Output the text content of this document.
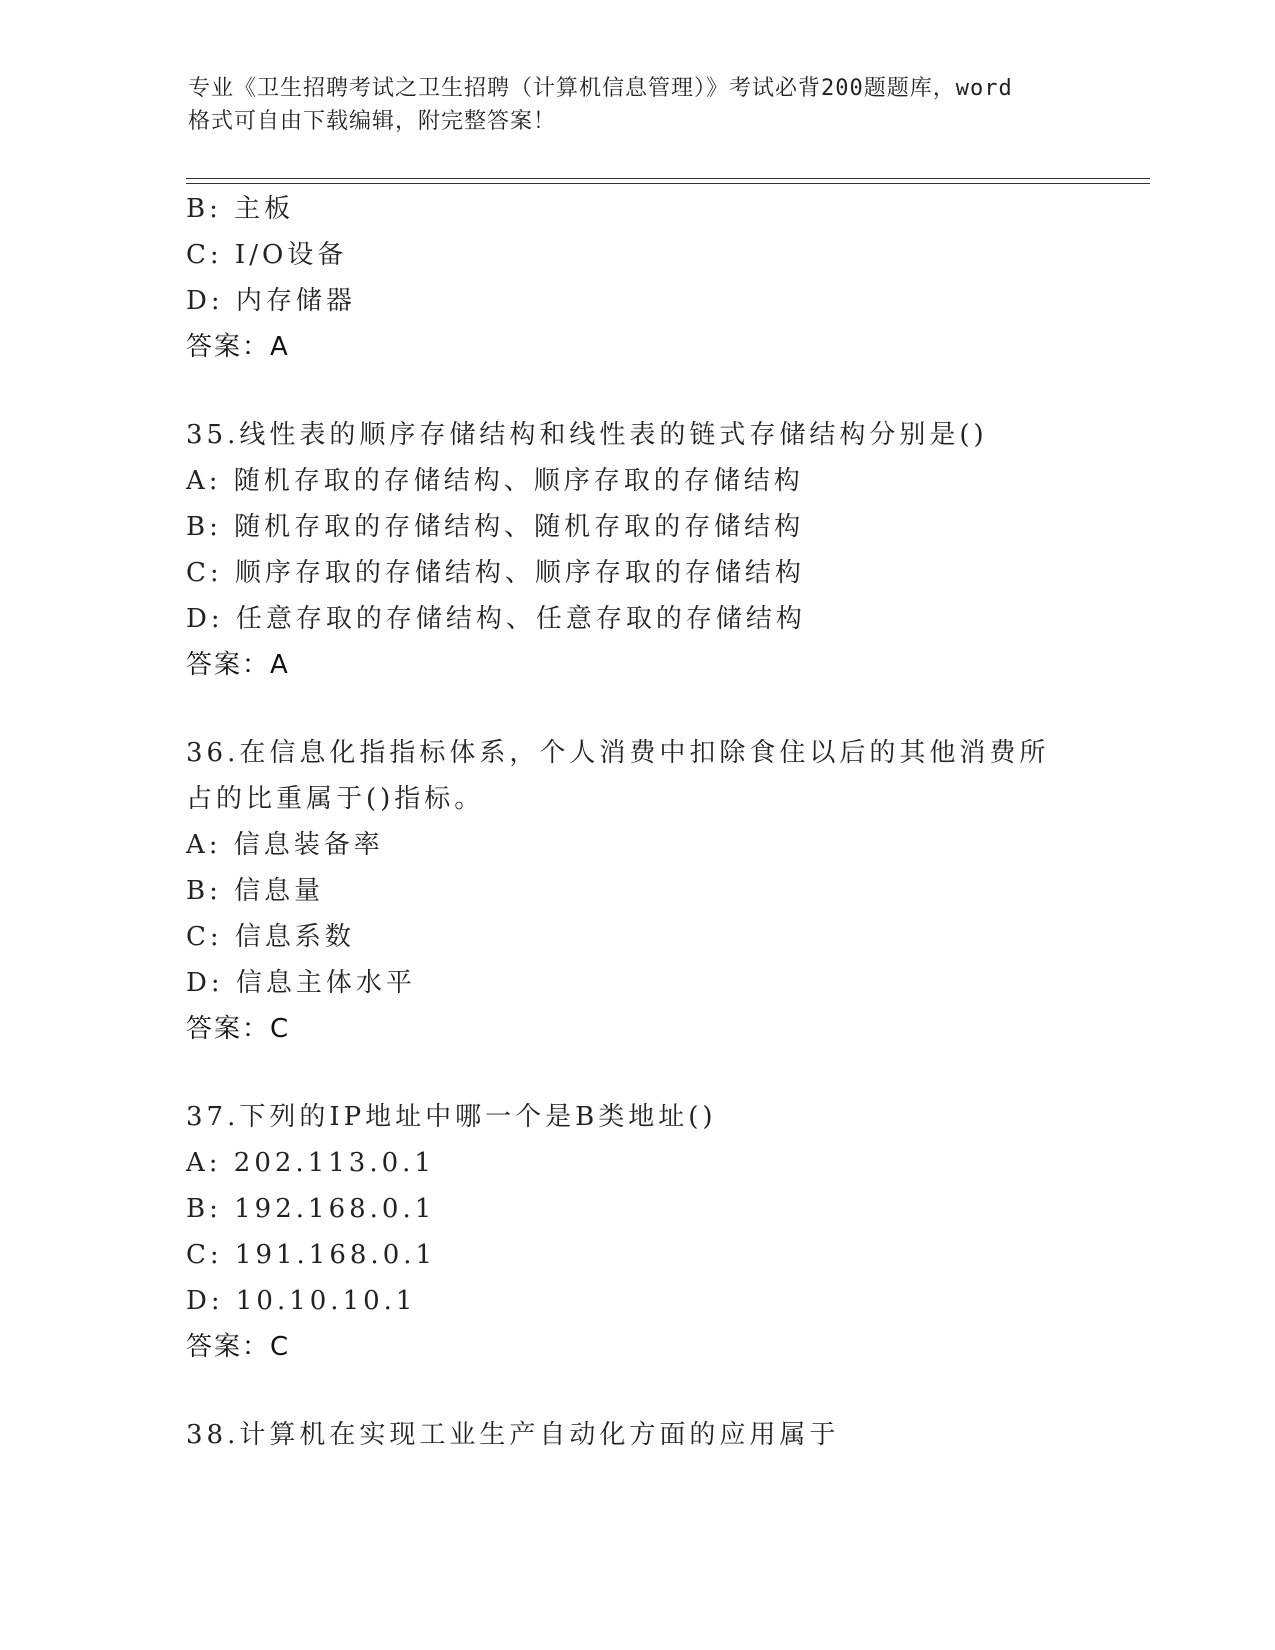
专业《卫生招聘考试之卫生招聘（计算机信息管理）》考试必背200题题库，word
格式可自由下载编辑，附完整答案！
B: 主板
C: I/O设备
D: 内存储器
答案：A
35.线性表的顺序存储结构和线性表的链式存储结构分别是()
A: 随机存取的存储结构、顺序存取的存储结构
B: 随机存取的存储结构、随机存取的存储结构
C: 顺序存取的存储结构、顺序存取的存储结构
D: 任意存取的存储结构、任意存取的存储结构
答案：A
36.在信息化指指标体系，个人消费中扣除食住以后的其他消费所占的比重属于()指标。
A: 信息装备率
B: 信息量
C: 信息系数
D: 信息主体水平
答案：C
37.下列的IP地址中哪一个是B类地址()
A: 202.113.0.1
B: 192.168.0.1
C: 191.168.0.1
D: 10.10.10.1
答案：C
38.计算机在实现工业生产自动化方面的应用属于
